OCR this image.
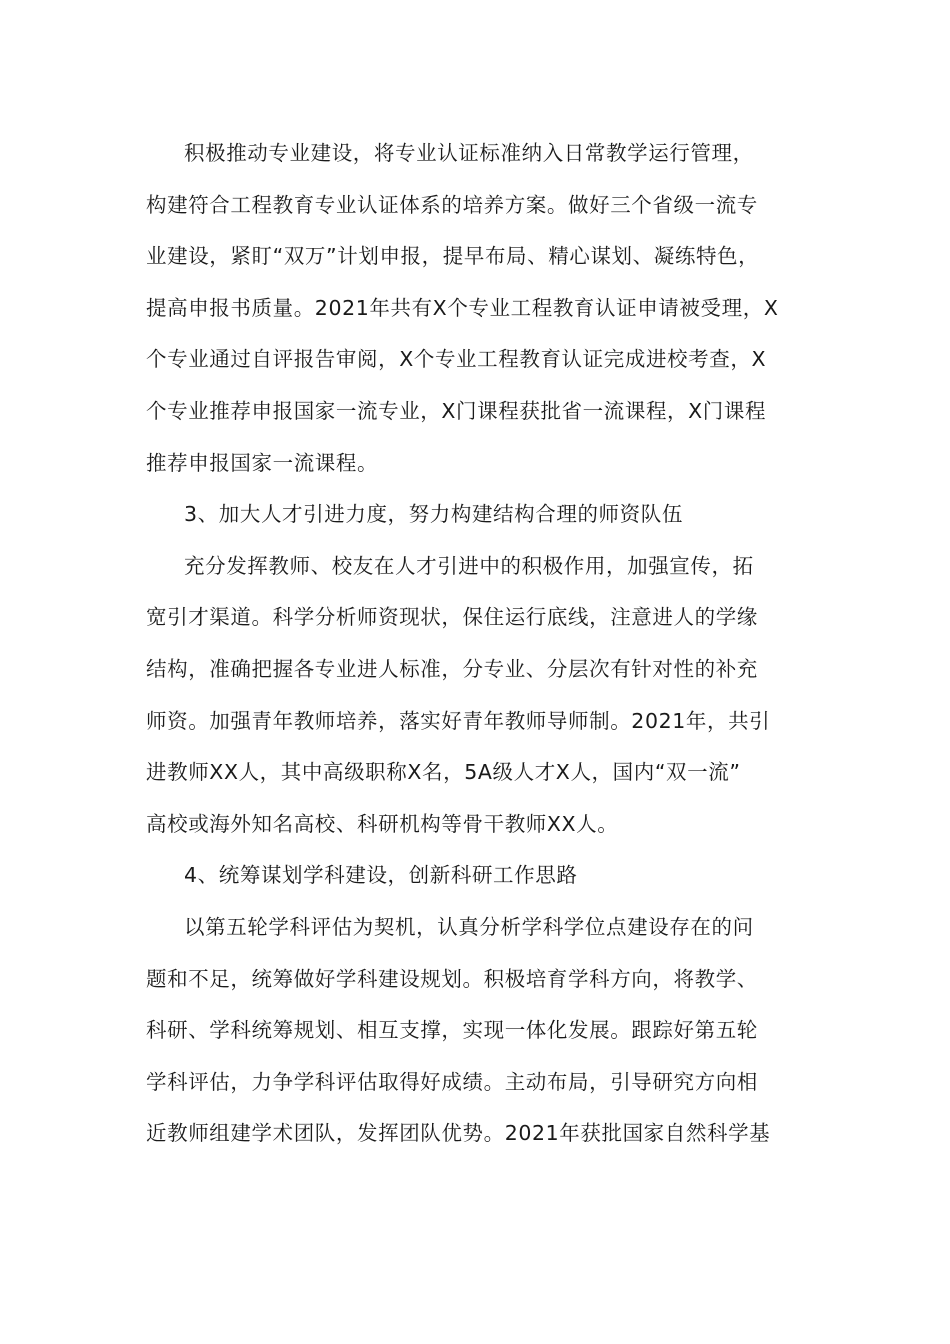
积极推动专业建设，将专业认证标准纳入日常教学运行管理，
构建符合工程教育专业认证体系的培养方案。做好三个省级一流专
业建设，紧盯“双万”计划申报，提早布局、精心谋划、凝练特色，
提高申报书质量。2021年共有X个专业工程教育认证申请被受理，X
个专业通过自评报告审阅，X个专业工程教育认证完成进校考查，X
个专业推荐申报国家一流专业，X门课程获批省一流课程，X门课程
推荐申报国家一流课程。
3、加大人才引进力度，努力构建结构合理的师资队伍
充分发挥教师、校友在人才引进中的积极作用，加强宣传，拓
宽引才渠道。科学分析师资现状，保住运行底线，注意进人的学缘
结构，准确把握各专业进人标准，分专业、分层次有针对性的补充
师资。加强青年教师培养，落实好青年教师导师制。2021年，共引
进教师XX人，其中高级职称X名，5A级人才X人，国内“双一流”
高校或海外知名高校、科研机构等骨干教师XX人。
4、统筹谋划学科建设，创新科研工作思路
以第五轮学科评估为契机，认真分析学科学位点建设存在的问
题和不足，统筹做好学科建设规划。积极培育学科方向，将教学、
科研、学科统筹规划、相互支撑，实现一体化发展。跟踪好第五轮
学科评估，力争学科评估取得好成绩。主动布局，引导研究方向相
近教师组建学术团队，发挥团队优势。2021年获批国家自然科学基
